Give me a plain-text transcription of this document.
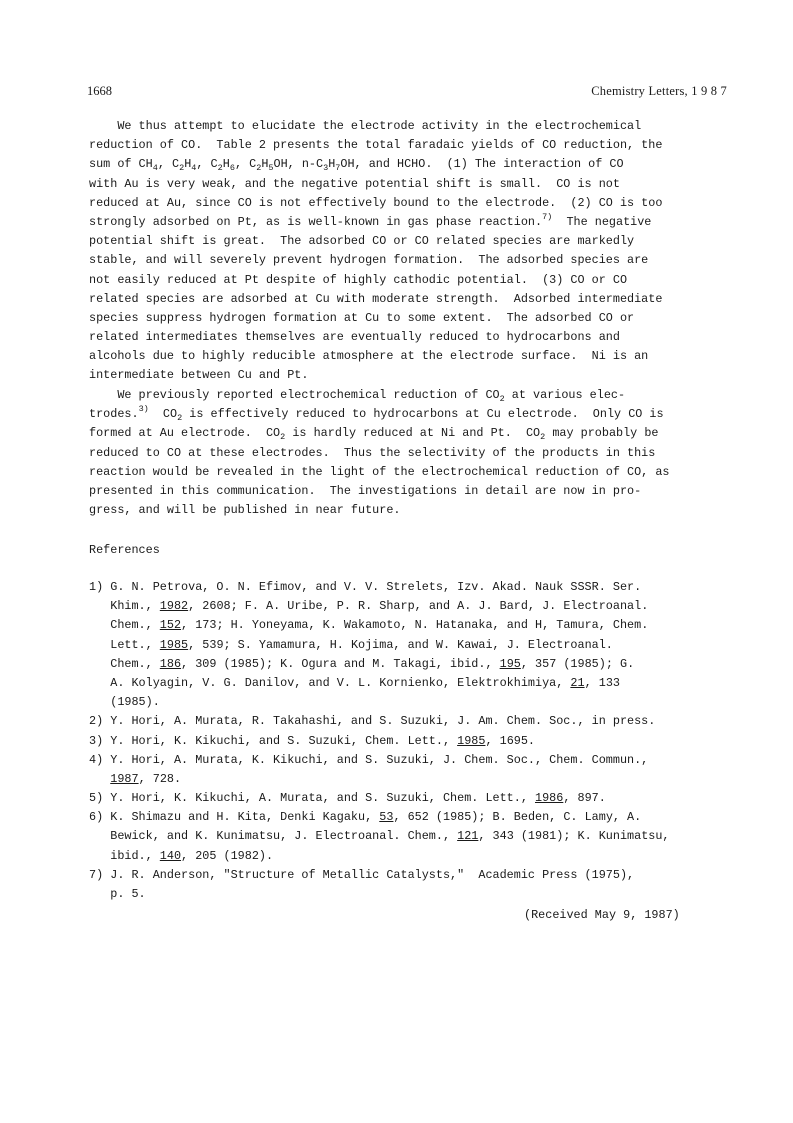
1668	Chemistry Letters, 1 9 8 7
We thus attempt to elucidate the electrode activity in the electrochemical
reduction of CO.  Table 2 presents the total faradaic yields of CO reduction, the
sum of $CH_4$, $C_2H_4$, $C_2H_6$, $C_2H_5OH$, $n-C_3H_7OH$, and HCHO.  (1) The interaction of CO
with Au is very weak, and the negative potential shift is small.  CO is not
reduced at Au, since CO is not effectively bound to the electrode.  (2) CO is too
strongly adsorbed on Pt, as is well-known in gas phase reaction.$^{7)}$  The negative
potential shift is great.  The adsorbed CO or CO related species are markedly
stable, and will severely prevent hydrogen formation.  The adsorbed species are
not easily reduced at Pt despite of highly cathodic potential.  (3) CO or CO
related species are adsorbed at Cu with moderate strength.  Adsorbed intermediate
species suppress hydrogen formation at Cu to some extent.  The adsorbed CO or
related intermediates themselves are eventually reduced to hydrocarbons and
alcohols due to highly reducible atmosphere at the electrode surface.  Ni is an
intermediate between Cu and Pt.
We previously reported electrochemical reduction of $CO_2$ at various elec-
trodes.$^{3)}$  $CO_2$ is effectively reduced to hydrocarbons at Cu electrode.  Only CO is
formed at Au electrode.  $CO_2$ is hardly reduced at Ni and Pt.  $CO_2$ may probably be
reduced to CO at these electrodes.  Thus the selectivity of the products in this
reaction would be revealed in the light of the electrochemical reduction of CO, as
presented in this communication.  The investigations in detail are now in pro-
gress, and will be published in near future.
References
1) G. N. Petrova, O. N. Efimov, and V. V. Strelets, Izv. Akad. Nauk SSSR. Ser.
Khim., 1982, 2608; F. A. Uribe, P. R. Sharp, and A. J. Bard, J. Electroanal.
Chem., 152, 173; H. Yoneyama, K. Wakamoto, N. Hatanaka, and H, Tamura, Chem.
Lett., 1985, 539; S. Yamamura, H. Kojima, and W. Kawai, J. Electroanal.
Chem., 186, 309 (1985); K. Ogura and M. Takagi, ibid., 195, 357 (1985); G.
A. Kolyagin, V. G. Danilov, and V. L. Kornienko, Elektrokhimiya, 21, 133
(1985).
2) Y. Hori, A. Murata, R. Takahashi, and S. Suzuki, J. Am. Chem. Soc., in press.
3) Y. Hori, K. Kikuchi, and S. Suzuki, Chem. Lett., 1985, 1695.
4) Y. Hori, A. Murata, K. Kikuchi, and S. Suzuki, J. Chem. Soc., Chem. Commun.,
1987, 728.
5) Y. Hori, K. Kikuchi, A. Murata, and S. Suzuki, Chem. Lett., 1986, 897.
6) K. Shimazu and H. Kita, Denki Kagaku, 53, 652 (1985); B. Beden, C. Lamy, A.
Bewick, and K. Kunimatsu, J. Electroanal. Chem., 121, 343 (1981); K. Kunimatsu,
ibid., 140, 205 (1982).
7) J. R. Anderson, "Structure of Metallic Catalysts,"  Academic Press (1975),
p. 5.
(Received May 9, 1987)
